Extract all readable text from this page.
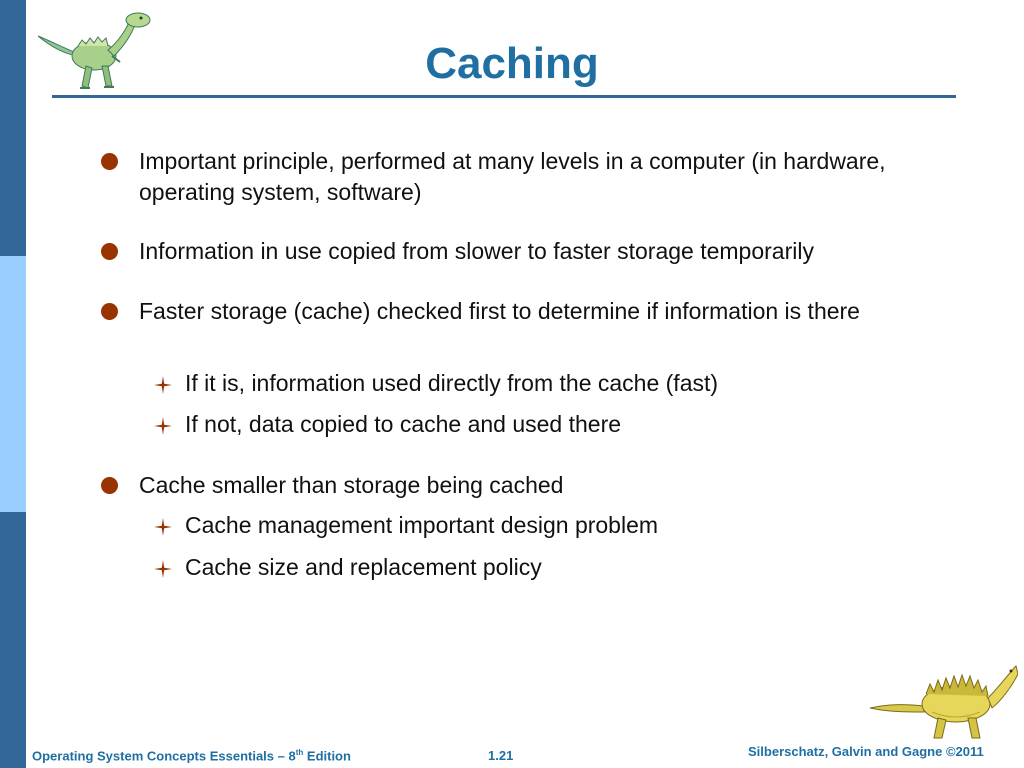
Caching
Important principle, performed at many levels in a computer (in hardware, operating system, software)
Information in use copied from slower to faster storage temporarily
Faster storage (cache) checked first to determine if information is there
If it is, information used directly from the cache (fast)
If not, data copied to cache and used there
Cache smaller than storage being cached
Cache management important design problem
Cache size and replacement policy
Operating System Concepts Essentials – 8th Edition	1.21	Silberschatz, Galvin and Gagne ©2011
